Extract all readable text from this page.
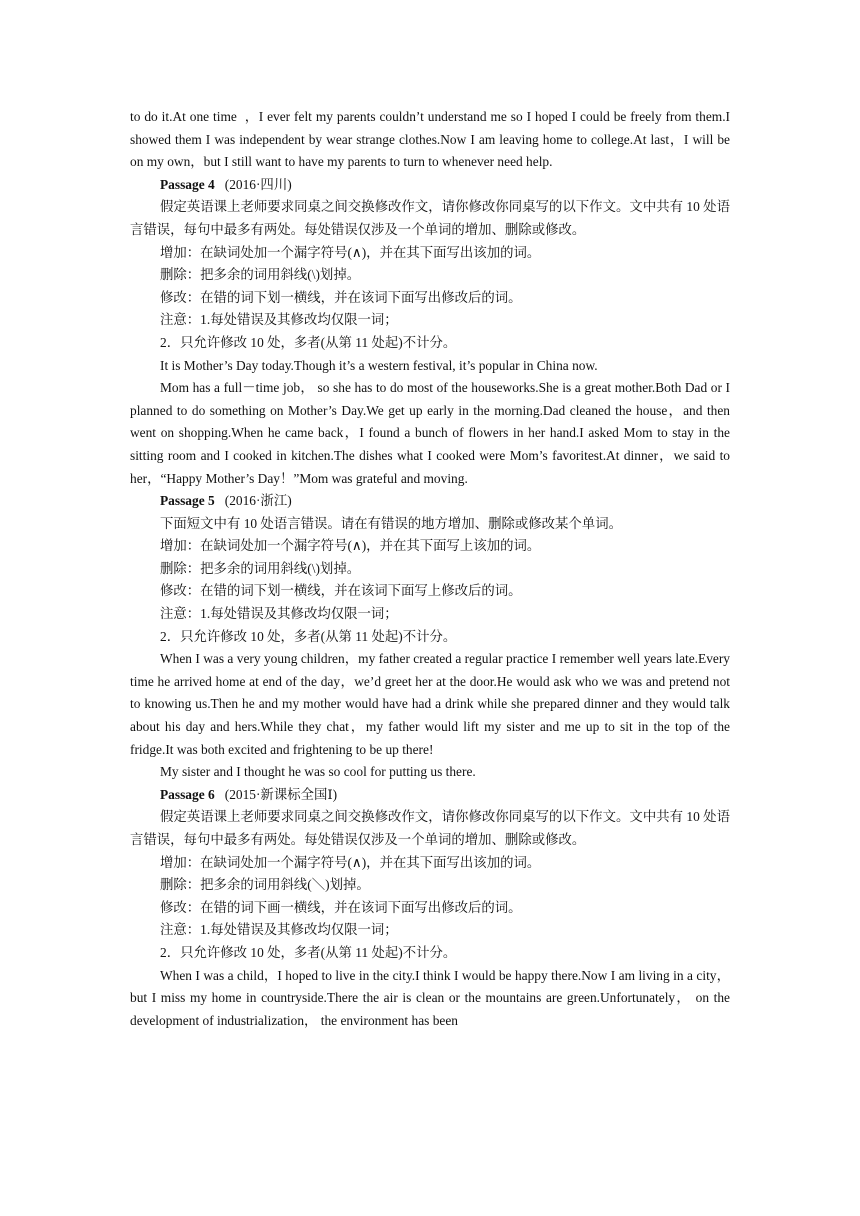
to do it.At one time  ，I ever felt my parents couldn’t understand me so I hoped I could be freely from them.I showed them I was independent by wear strange clothes.Now I am leaving home to college.At last，I will be on my own，but I still want to have my parents to turn to whenever need help.

Passage 4 (2016·四川)

假定英语课上老师要求同桌之间交换修改作文，请你修改你同桌写的以下作文。文中共有 10 处语言错误，每句中最多有两处。每处错误仅涉及一个单词的增加、删除或修改。

增加：在缺词处加一个漏字符号(∧)，并在其下面写出该加的词。

删除：把多余的词用斜线(\)划掉。

修改：在错的词下划一横线，并在该词下面写出修改后的词。

注意：1.每处错误及其修改均仅限一词；

2．只允许修改 10 处，多者(从第 11 处起)不计分。

It is Mother’s Day today.Though it’s a western festival, it’s popular in China now.

Mom has a full－time job， so she has to do most of the houseworks.She is a great mother.Both Dad or I planned to do something on Mother’s Day.We get up early in the morning.Dad cleaned the house，and then went on shopping.When he came back，I found a bunch of flowers in her hand.I asked Mom to stay in the sitting room and I cooked in kitchen.The dishes what I cooked were Mom’s favoritest.At dinner，we said to her，“Happy Mother’s Day！”Mom was grateful and moving.

Passage 5 (2016·浙江)

下面短文中有 10 处语言错误。请在有错误的地方增加、删除或修改某个单词。

增加：在缺词处加一个漏字符号(∧)，并在其下面写上该加的词。

删除：把多余的词用斜线(\)划掉。

修改：在错的词下划一横线，并在该词下面写上修改后的词。

注意：1.每处错误及其修改均仅限一词；

2．只允许修改 10 处，多者(从第 11 处起)不计分。

When I was a very young children，my father created a regular practice I remember well years late.Every time he arrived home at end of the day，we’d greet her at the door.He would ask who we was and pretend not to knowing us.Then he and my mother would have had a drink while she prepared dinner and they would talk about his day and hers.While they chat，my father would lift my sister and me up to sit in the top of the fridge.It was both excited and frightening to be up there!

My sister and I thought he was so cool for putting us there.

Passage 6 (2015·新课标全国Ⅰ)

假定英语课上老师要求同桌之间交换修改作文，请你修改你同桌写的以下作文。文中共有 10 处语言错误，每句中最多有两处。每处错误仅涉及一个单词的增加、删除或修改。

增加：在缺词处加一个漏字符号(∧)，并在其下面写出该加的词。

删除：把多余的词用斜线(＼)划掉。

修改：在错的词下画一横线，并在该词下面写出修改后的词。

注意：1.每处错误及其修改均仅限一词；

2．只允许修改 10 处，多者(从第 11 处起)不计分。

When I was a child，I hoped to live in the city.I think I would be happy there.Now I am living in a city， but I miss my home in countryside.There the air is clean or the mountains are green.Unfortunately， on the development of industrialization， the environment has been
